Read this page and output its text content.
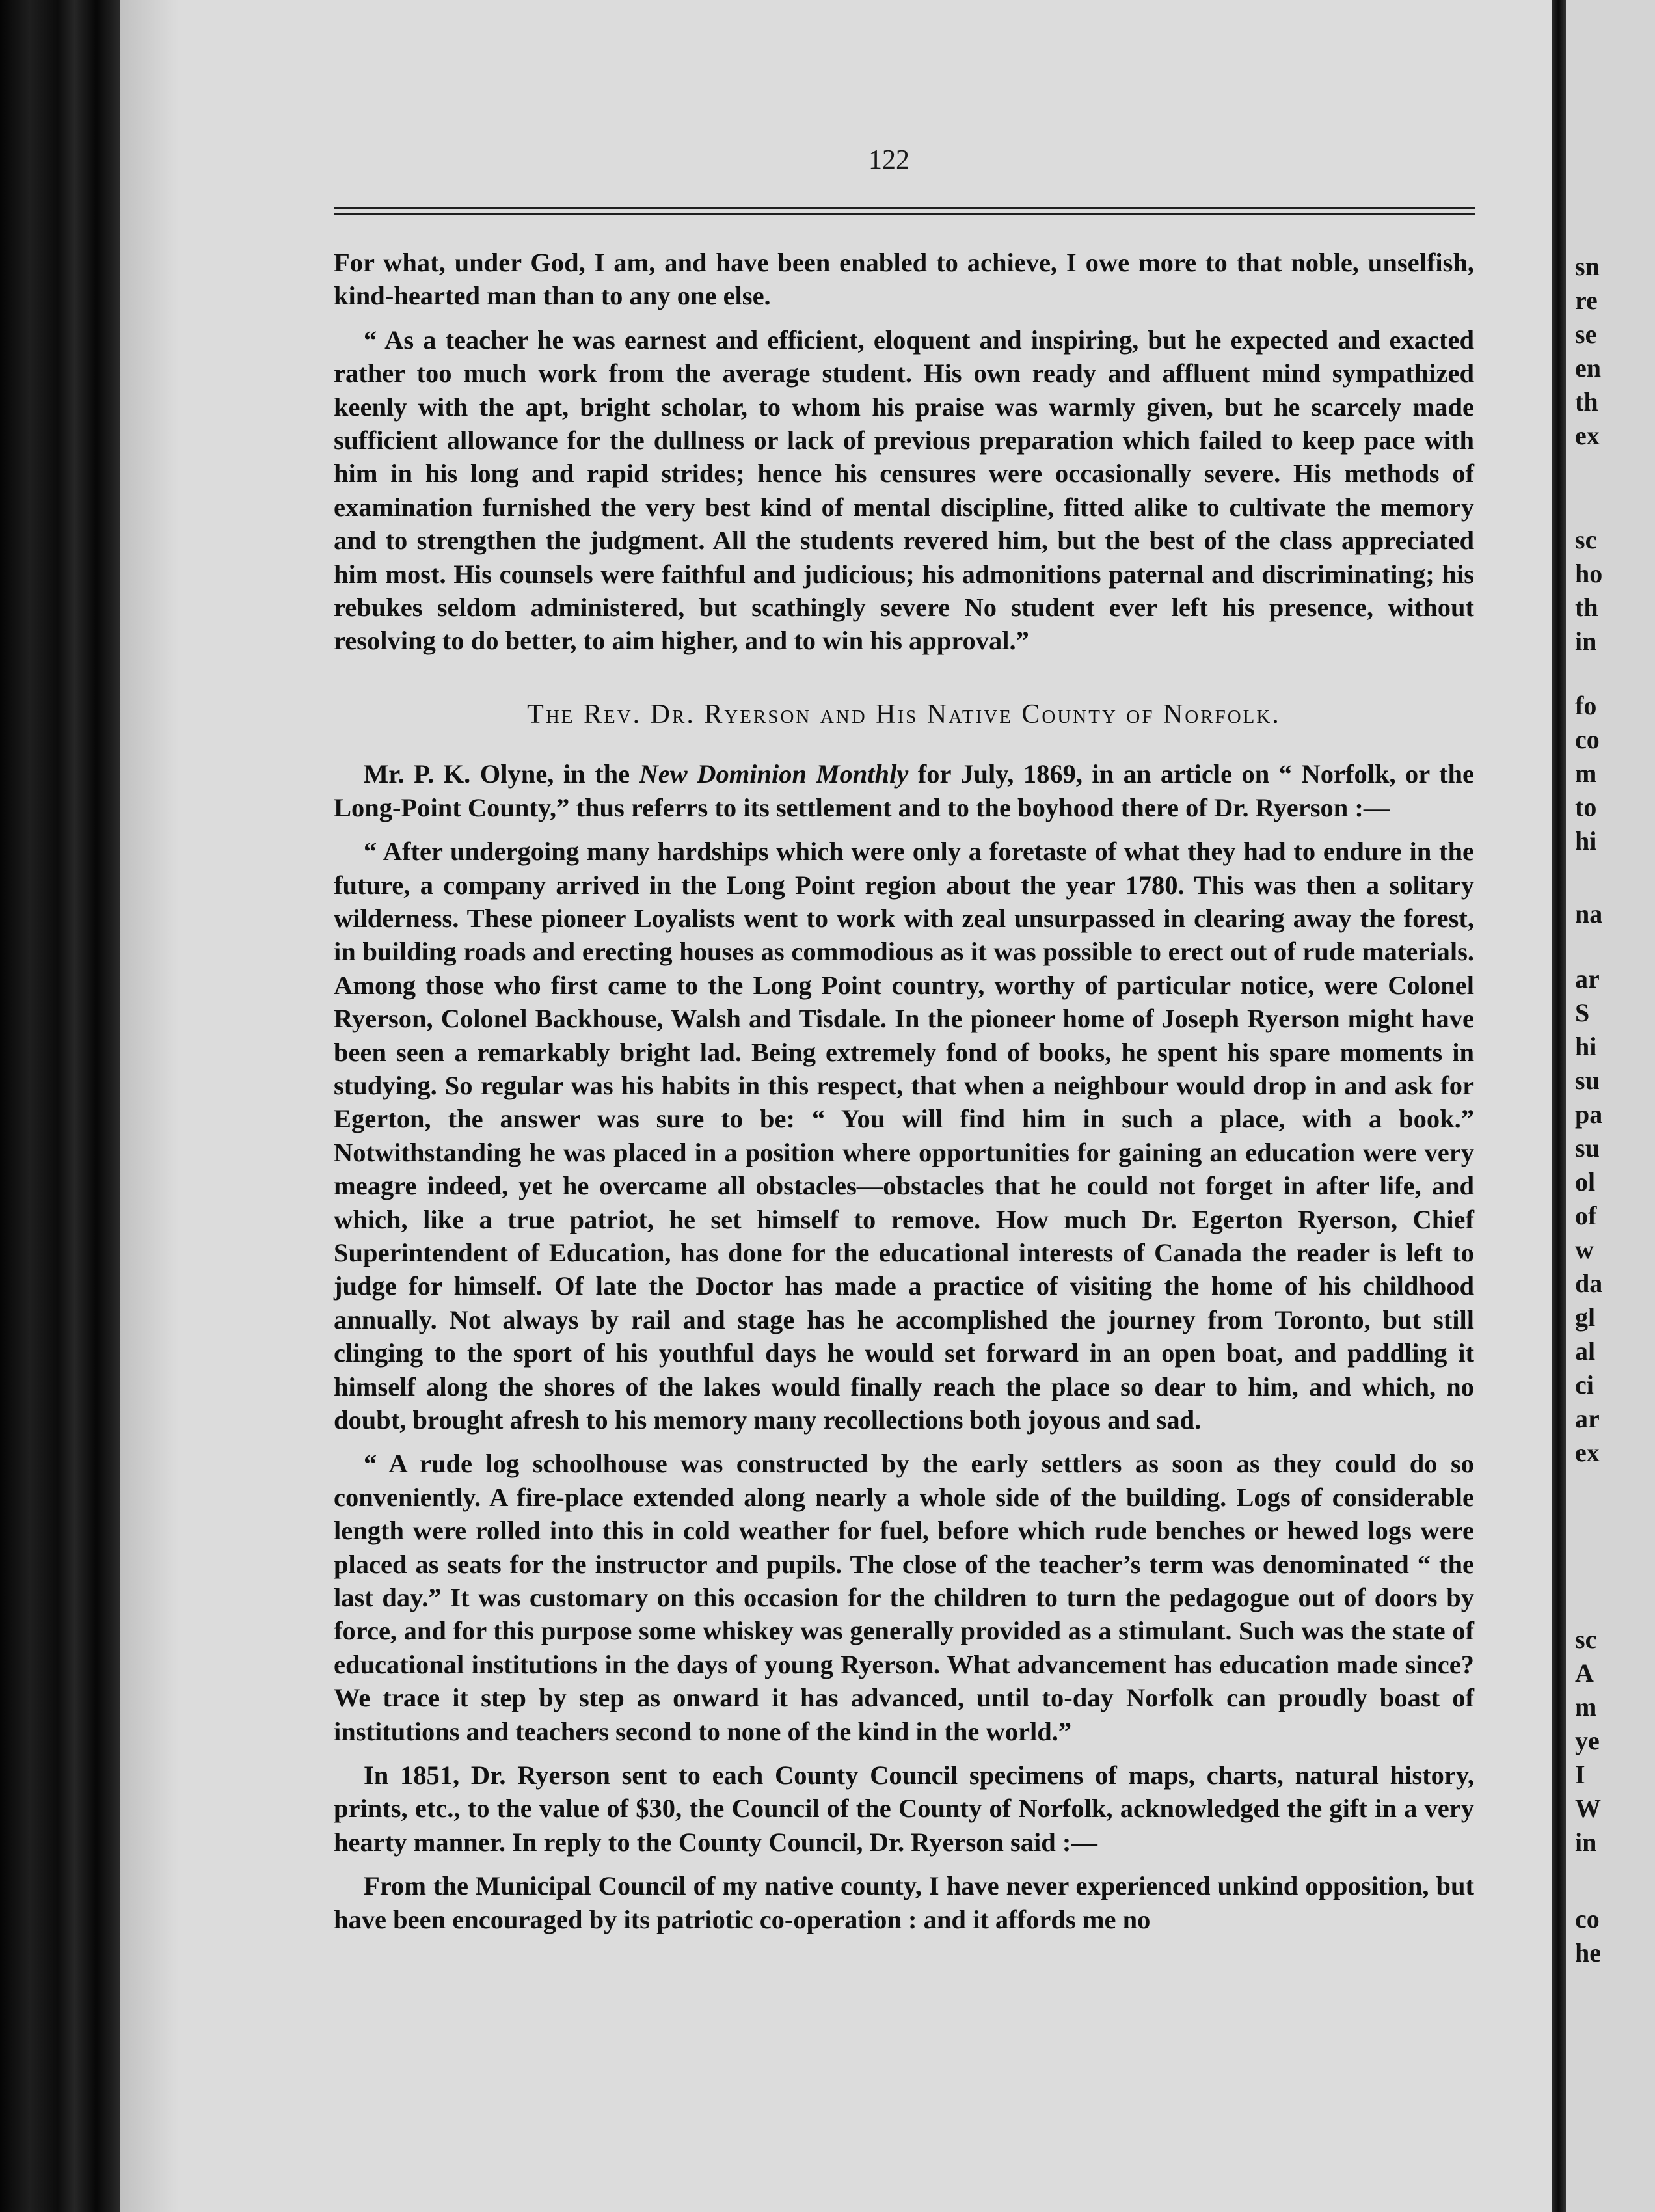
122

For what, under God, I am, and have been enabled to achieve, I owe more to that noble, unselfish, kind-hearted man than to any one else.

“ As a teacher he was earnest and efficient, eloquent and inspiring, but he expected and exacted rather too much work from the average student. His own ready and affluent mind sympathized keenly with the apt, bright scholar, to whom his praise was warmly given, but he scarcely made sufficient allowance for the dullness or lack of previous preparation which failed to keep pace with him in his long and rapid strides; hence his censures were occasionally severe. His methods of examination furnished the very best kind of mental discipline, fitted alike to cultivate the memory and to strengthen the judgment. All the students revered him, but the best of the class appreciated him most. His counsels were faithful and judicious; his admonitions paternal and discriminating; his rebukes seldom administered, but scathingly severe No student ever left his presence, without resolving to do better, to aim higher, and to win his approval.”

The Rev. Dr. Ryerson and His Native County of Norfolk.

Mr. P. K. Olyne, in the New Dominion Monthly for July, 1869, in an article on “ Norfolk, or the Long-Point County,” thus referrs to its settlement and to the boyhood there of Dr. Ryerson :—

“ After undergoing many hardships which were only a foretaste of what they had to endure in the future, a company arrived in the Long Point region about the year 1780. This was then a solitary wilderness. These pioneer Loyalists went to work with zeal unsurpassed in clearing away the forest, in building roads and erecting houses as commodious as it was possible to erect out of rude materials. Among those who first came to the Long Point country, worthy of particular notice, were Colonel Ryerson, Colonel Backhouse, Walsh and Tisdale. In the pioneer home of Joseph Ryerson might have been seen a remarkably bright lad. Being extremely fond of books, he spent his spare moments in studying. So regular was his habits in this respect, that when a neighbour would drop in and ask for Egerton, the answer was sure to be: “ You will find him in such a place, with a book.” Notwithstanding he was placed in a position where opportunities for gaining an education were very meagre indeed, yet he overcame all obstacles—obstacles that he could not forget in after life, and which, like a true patriot, he set himself to remove. How much Dr. Egerton Ryerson, Chief Superintendent of Education, has done for the educational interests of Canada the reader is left to judge for himself. Of late the Doctor has made a practice of visiting the home of his childhood annually. Not always by rail and stage has he accomplished the journey from Toronto, but still clinging to the sport of his youthful days he would set forward in an open boat, and paddling it himself along the shores of the lakes would finally reach the place so dear to him, and which, no doubt, brought afresh to his memory many recollections both joyous and sad.

“ A rude log schoolhouse was constructed by the early settlers as soon as they could do so conveniently. A fire-place extended along nearly a whole side of the building. Logs of considerable length were rolled into this in cold weather for fuel, before which rude benches or hewed logs were placed as seats for the instructor and pupils. The close of the teacher’s term was denominated “ the last day.” It was customary on this occasion for the children to turn the pedagogue out of doors by force, and for this purpose some whiskey was generally provided as a stimulant. Such was the state of educational institutions in the days of young Ryerson. What advancement has education made since? We trace it step by step as onward it has advanced, until to-day Norfolk can proudly boast of institutions and teachers second to none of the kind in the world.”

In 1851, Dr. Ryerson sent to each County Council specimens of maps, charts, natural history, prints, etc., to the value of $30, the Council of the County of Norfolk, acknowledged the gift in a very hearty manner. In reply to the County Council, Dr. Ryerson said :—

From the Municipal Council of my native county, I have never experienced unkind opposition, but have been encouraged by its patriotic co-operation : and it affords me no

sn
re
se
en
th
ex
sc
ho
th
in
fo
co
m
to
hi
na
ar
S
hi
su
pa
su
ol
of
w
da
gl
al
ci
ar
ex
sc
A
m
ye
I
W
in
co
he
